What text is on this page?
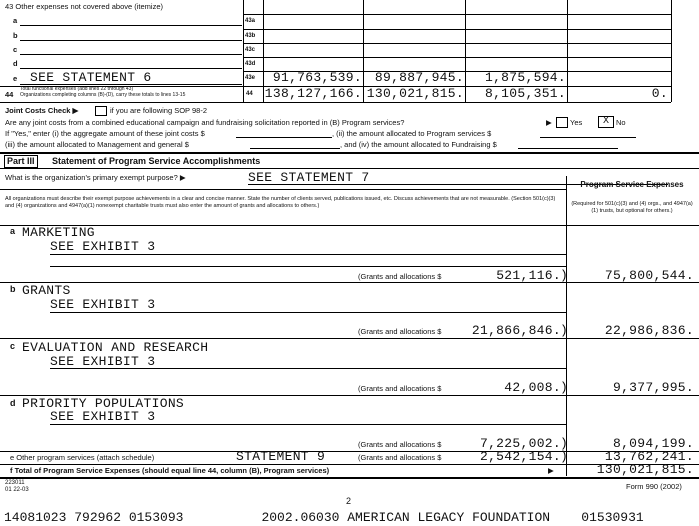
43 Other expenses not covered above (itemize)
a	43a
b	43b
c	43c
d	43d
e SEE STATEMENT 6	43e	91,763,539. 89,887,945.	1,875,594.
44
Total functional expenses (add lines 22 through 43)
Organizations completing columns (B)-(D), carry these totals to lines 13-15	44 138,127,166. 130,021,815.	8,105,351.	0.
Joint Costs Check ▶	if you are following SOP 98-2
Are any joint costs from a combined educational campaign and fundraising solicitation reported in (B) Program services?	▶ Yes	X No
If "Yes," enter (i) the aggregate amount of these joint costs $	, (ii) the amount allocated to Program services $
(iii) the amount allocated to Management and general $	, and (iv) the amount allocated to Fundraising $
Part III	Statement of Program Service Accomplishments
What is the organization's primary exempt purpose? ▶	SEE STATEMENT 7
All organizations must describe their exempt purpose achievements in a clear and concise manner. State the number of clients served, publications issued, etc. Discuss achievements that are not measurable. (Section 501(c)(3) and (4) organizations and 4947(a)(1) nonexempt charitable trusts must also enter the amount of grants and allocations to others.)
Program Service Expenses
(Required for 501(c)(3) and (4) orgs., and 4947(a)(1) trusts, but optional for others.)
a MARKETING
SEE EXHIBIT 3
(Grants and allocations $	521,116. )	75,800,544.
b GRANTS
SEE EXHIBIT 3
(Grants and allocations $	21,866,846. )	22,986,836.
c EVALUATION AND RESEARCH
SEE EXHIBIT 3
(Grants and allocations $	42,008. )	9,377,995.
d PRIORITY POPULATIONS
SEE EXHIBIT 3
(Grants and allocations $	7,225,002. )	8,094,199.
e Other program services (attach schedule)	STATEMENT 9	(Grants and allocations $	2,542,154. )	13,762,241.
f Total of Program Service Expenses (should equal line 44, column (B), Program services)	▶	130,021,815.
223011
01 22-03
2
Form 990 (2002)
14081023 792962 0153093          2002.06030 AMERICAN LEGACY FOUNDATION    01530931
